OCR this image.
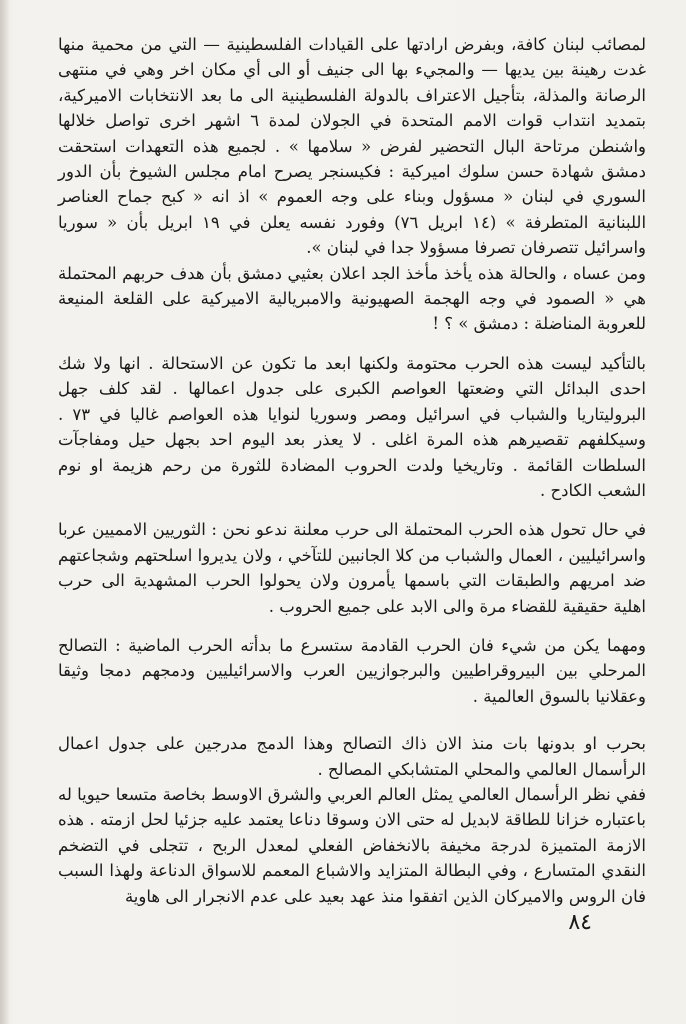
لمصائب لبنان كافة، وبفرض ارادتها على القيادات الفلسطينية — التي من محمية منها غدت رهينة بين يديها — والمجيء بها الى جنيف أو الى أي مكان اخر وهي في منتهى الرصانة والمذلة، بتأجيل الاعتراف بالدولة الفلسطينية الى ما بعد الانتخابات الاميركية، بتمديد انتداب قوات الامم المتحدة في الجولان لمدة ٦ اشهر اخرى تواصل خلالها واشنطن مرتاحة البال التحضير لفرض « سلامها » . لجميع هذه التعهدات استحقت دمشق شهادة حسن سلوك اميركية : فكيسنجر يصرح امام مجلس الشيوخ بأن الدور السوري في لبنان « مسؤول وبناء على وجه العموم » اذ انه « كبح جماح العناصر اللبنانية المتطرفة » (١٤ ابريل ٧٦) وفورد نفسه يعلن في ١٩ ابريل بأن « سوريا واسرائيل تتصرفان تصرفا مسؤولا جدا في لبنان ».

ومن عساه ، والحالة هذه يأخذ مأخذ الجد اعلان بعثيي دمشق بأن هدف حربهم المحتملة هي « الصمود في وجه الهجمة الصهيونية والامبريالية الاميركية على القلعة المنيعة للعروبة المناضلة : دمشق » ؟ !

بالتأكيد ليست هذه الحرب محتومة ولكنها ابعد ما تكون عن الاستحالة . انها ولا شك احدى البدائل التي وضعتها العواصم الكبرى على جدول اعمالها . لقد كلف جهل البروليتاريا والشباب في اسرائيل ومصر وسوريا لنوايا هذه العواصم غاليا في ٧٣ . وسيكلفهم تقصيرهم هذه المرة اغلى . لا يعذر بعد اليوم احد بجهل حيل ومفاجآت السلطات القائمة . وتاريخيا ولدت الحروب المضادة للثورة من رحم هزيمة او نوم الشعب الكادح .

في حال تحول هذه الحرب المحتملة الى حرب معلنة ندعو نحن : الثوريين الامميين عربا واسرائيليين ، العمال والشباب من كلا الجانبين للتآخي ، ولان يديروا اسلحتهم وشجاعتهم ضد امريهم والطبقات التي باسمها يأمرون ولان يحولوا الحرب المشهدية الى حرب اهلية حقيقية للقضاء مرة والى الابد على جميع الحروب .

ومهما يكن من شيء فان الحرب القادمة ستسرع ما بدأته الحرب الماضية : التصالح المرحلي بين البيروقراطيين والبرجوازيين العرب والاسرائيليين ودمجهم دمجا وثيقا وعقلانيا بالسوق العالمية .

بحرب او بدونها بات منذ الان ذاك التصالح وهذا الدمج مدرجين على جدول اعمال الرأسمال العالمي والمحلي المتشابكي المصالح .

ففي نظر الرأسمال العالمي يمثل العالم العربي والشرق الاوسط بخاصة متسعا حيويا له باعتباره خزانا للطاقة لابديل له حتى الان وسوقا دناعا يعتمد عليه جزئيا لحل ازمته . هذه الازمة المتميزة لدرجة مخيفة بالانخفاض الفعلي لمعدل الربح ، تتجلى في التضخم النقدي المتسارع ، وفي البطالة المتزايد والاشباع المعمم للاسواق الدناعة ولهذا السبب فان الروس والاميركان الذين اتفقوا منذ عهد بعيد على عدم الانجرار الى هاوية

٨٤
